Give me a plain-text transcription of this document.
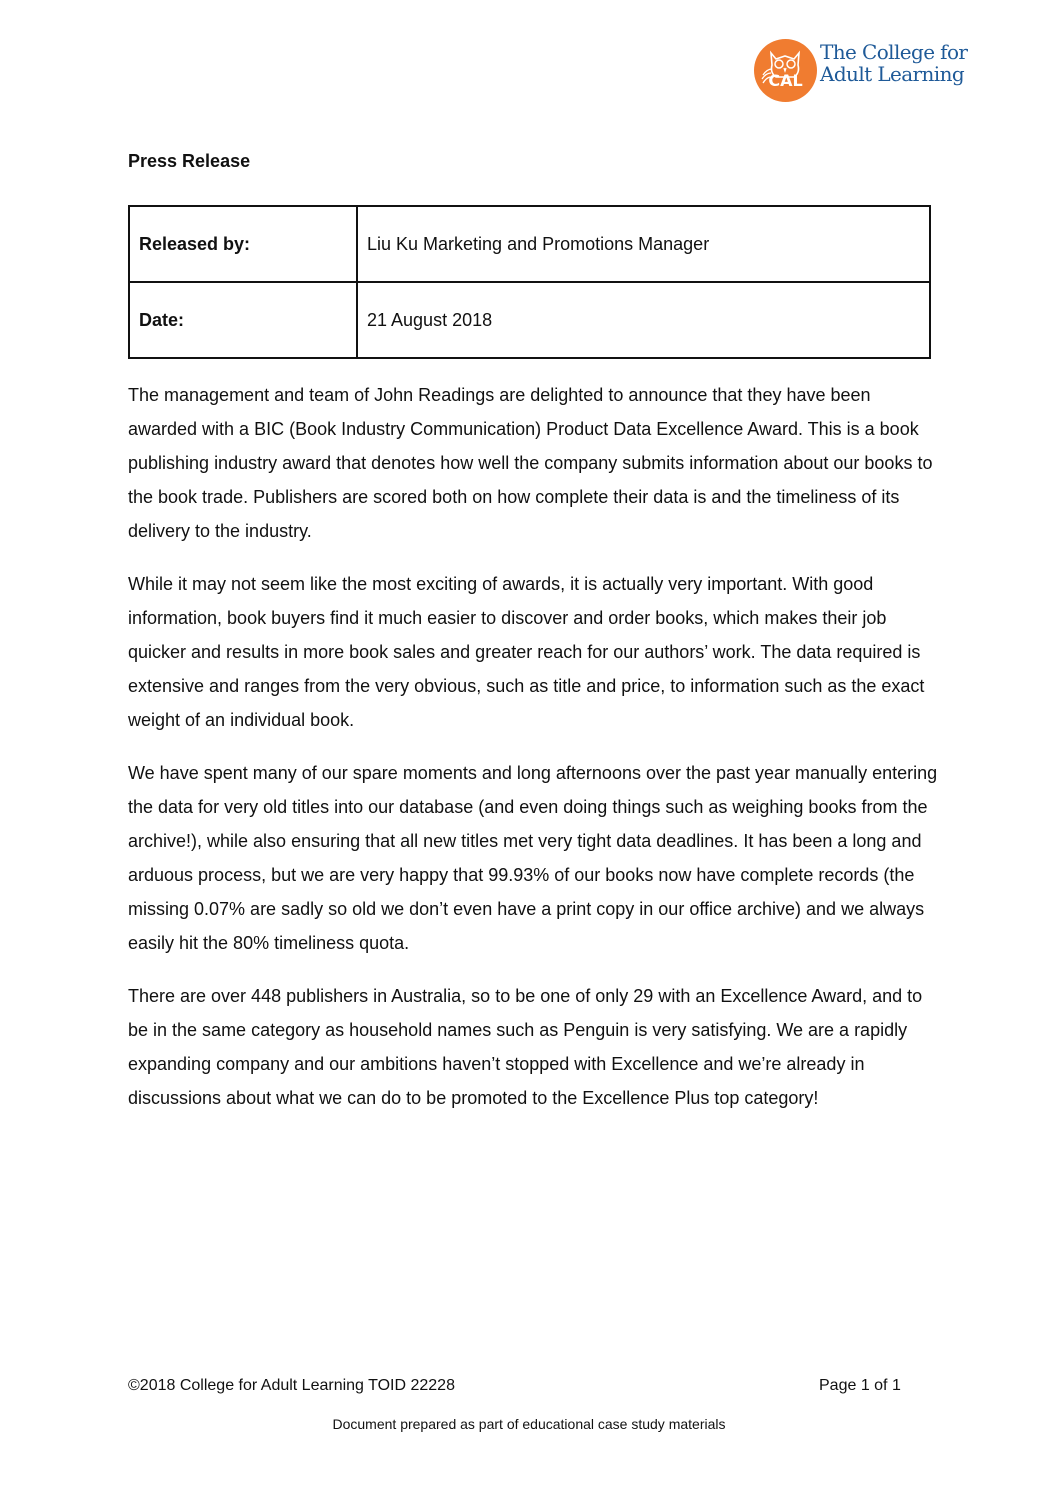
CAL
The College for
Adult Learning
Press Release
Released by:	Liu Ku Marketing and Promotions Manager
Date:	21 August 2018

The management and team of John Readings are delighted to announce that they have been awarded with a BIC (Book Industry Communication) Product Data Excellence Award. This is a book publishing industry award that denotes how well the company submits information about our books to the book trade. Publishers are scored both on how complete their data is and the timeliness of its delivery to the industry.

While it may not seem like the most exciting of awards, it is actually very important. With good information, book buyers find it much easier to discover and order books, which makes their job quicker and results in more book sales and greater reach for our authors’ work. The data required is extensive and ranges from the very obvious, such as title and price, to information such as the exact weight of an individual book.

We have spent many of our spare moments and long afternoons over the past year manually entering the data for very old titles into our database (and even doing things such as weighing books from the archive!), while also ensuring that all new titles met very tight data deadlines. It has been a long and arduous process, but we are very happy that 99.93% of our books now have complete records (the missing 0.07% are sadly so old we don’t even have a print copy in our office archive) and we always easily hit the 80% timeliness quota.

There are over 448 publishers in Australia, so to be one of only 29 with an Excellence Award, and to be in the same category as household names such as Penguin is very satisfying. We are a rapidly expanding company and our ambitions haven’t stopped with Excellence and we’re already in discussions about what we can do to be promoted to the Excellence Plus top category!

©2018 College for Adult Learning TOID 22228	Page 1 of 1
Document prepared as part of educational case study materials
